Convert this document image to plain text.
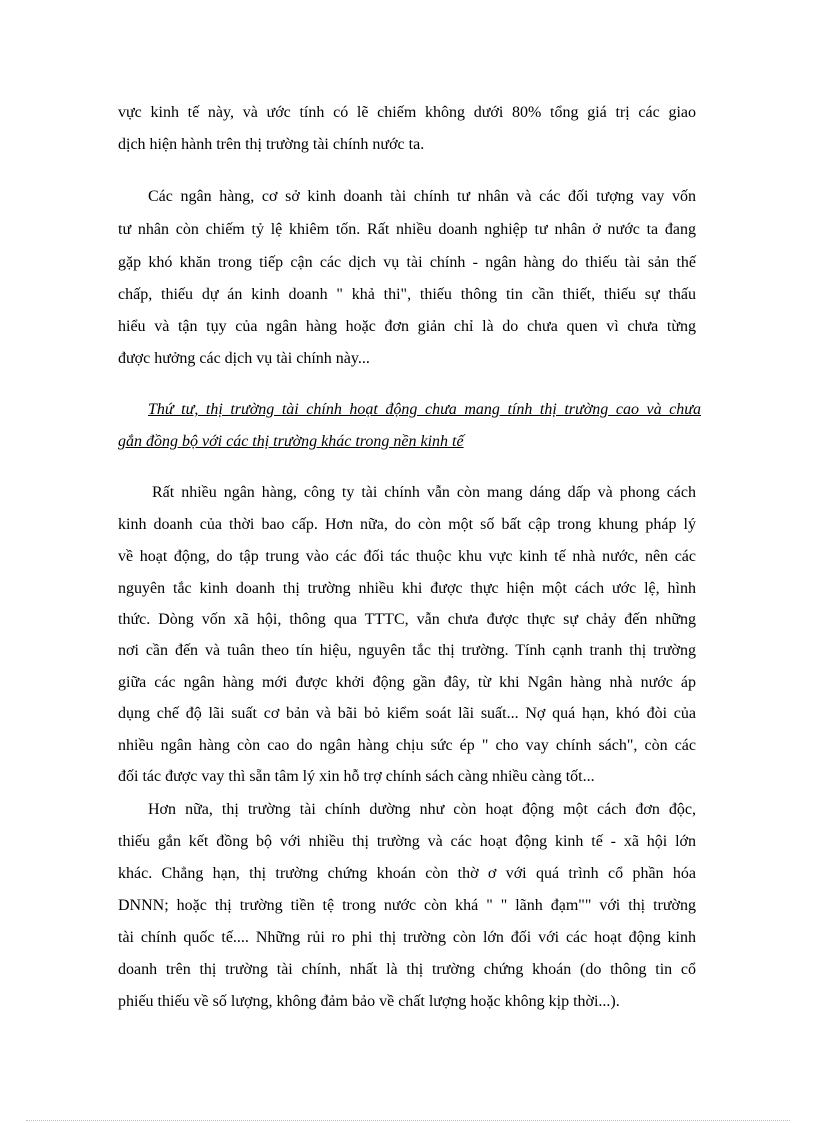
vực kinh tế này, và ước tính có lẽ chiếm không dưới 80% tổng giá trị các giao
dịch hiện hành trên thị trường tài chính nước ta.
Các ngân hàng, cơ sở kinh doanh tài chính tư nhân và các đối tượng vay vốn
tư nhân còn chiếm tỷ lệ khiêm tốn. Rất nhiều doanh nghiệp tư nhân ở nước ta đang
gặp khó khăn trong tiếp cận các dịch vụ tài chính - ngân hàng do thiếu tài sản thế
chấp, thiếu dự án kinh doanh " khả thi", thiếu thông tin cần thiết, thiếu sự thấu
hiểu và tận tụy của ngân hàng hoặc đơn giản chỉ là do chưa quen vì chưa từng
được hưởng các dịch vụ tài chính này...
Thứ tư, thị trường tài chính hoạt động chưa mang tính thị trường cao và chưa
gắn đồng bộ với các thị trường khác trong nền kinh tế
Rất nhiều ngân hàng, công ty tài chính vẫn còn mang dáng dấp và phong cách
kinh doanh của thời bao cấp. Hơn nữa, do còn một số bất cập trong khung pháp lý
về hoạt động, do tập trung vào các đối tác thuộc khu vực kinh tế nhà nước, nên các
nguyên tắc kinh doanh thị trường nhiều khi được thực hiện một cách ước lệ, hình
thức. Dòng vốn xã hội, thông qua TTTC, vẫn chưa được thực sự chảy đến những
nơi cần đến và tuân theo tín hiệu, nguyên tắc thị trường. Tính cạnh tranh thị trường
giữa các ngân hàng mới được khởi động gần đây, từ khi Ngân hàng nhà nước áp
dụng chế độ lãi suất cơ bản và bãi bỏ kiểm soát lãi suất... Nợ quá hạn, khó đòi của
nhiều ngân hàng còn cao do ngân hàng chịu sức ép " cho vay chính sách", còn các
đối tác được vay thì sẵn tâm lý xin hỗ trợ chính sách càng nhiều càng tốt...
Hơn nữa, thị trường tài chính dường như còn hoạt động một cách đơn độc,
thiếu gắn kết đồng bộ với nhiều thị trường và các hoạt động kinh tế - xã hội lớn
khác. Chẳng hạn, thị trường chứng khoán còn thờ ơ với quá trình cổ phần hóa
DNNN; hoặc thị trường tiền tệ trong nước còn khá " " lãnh đạm"" với thị trường
tài chính quốc tế.... Những rủi ro phi thị trường còn lớn đối với các hoạt động kinh
doanh trên thị trường tài chính, nhất là thị trường chứng khoán (do thông tin cổ
phiếu thiếu về số lượng, không đảm bảo về chất lượng hoặc không kịp thời...).
